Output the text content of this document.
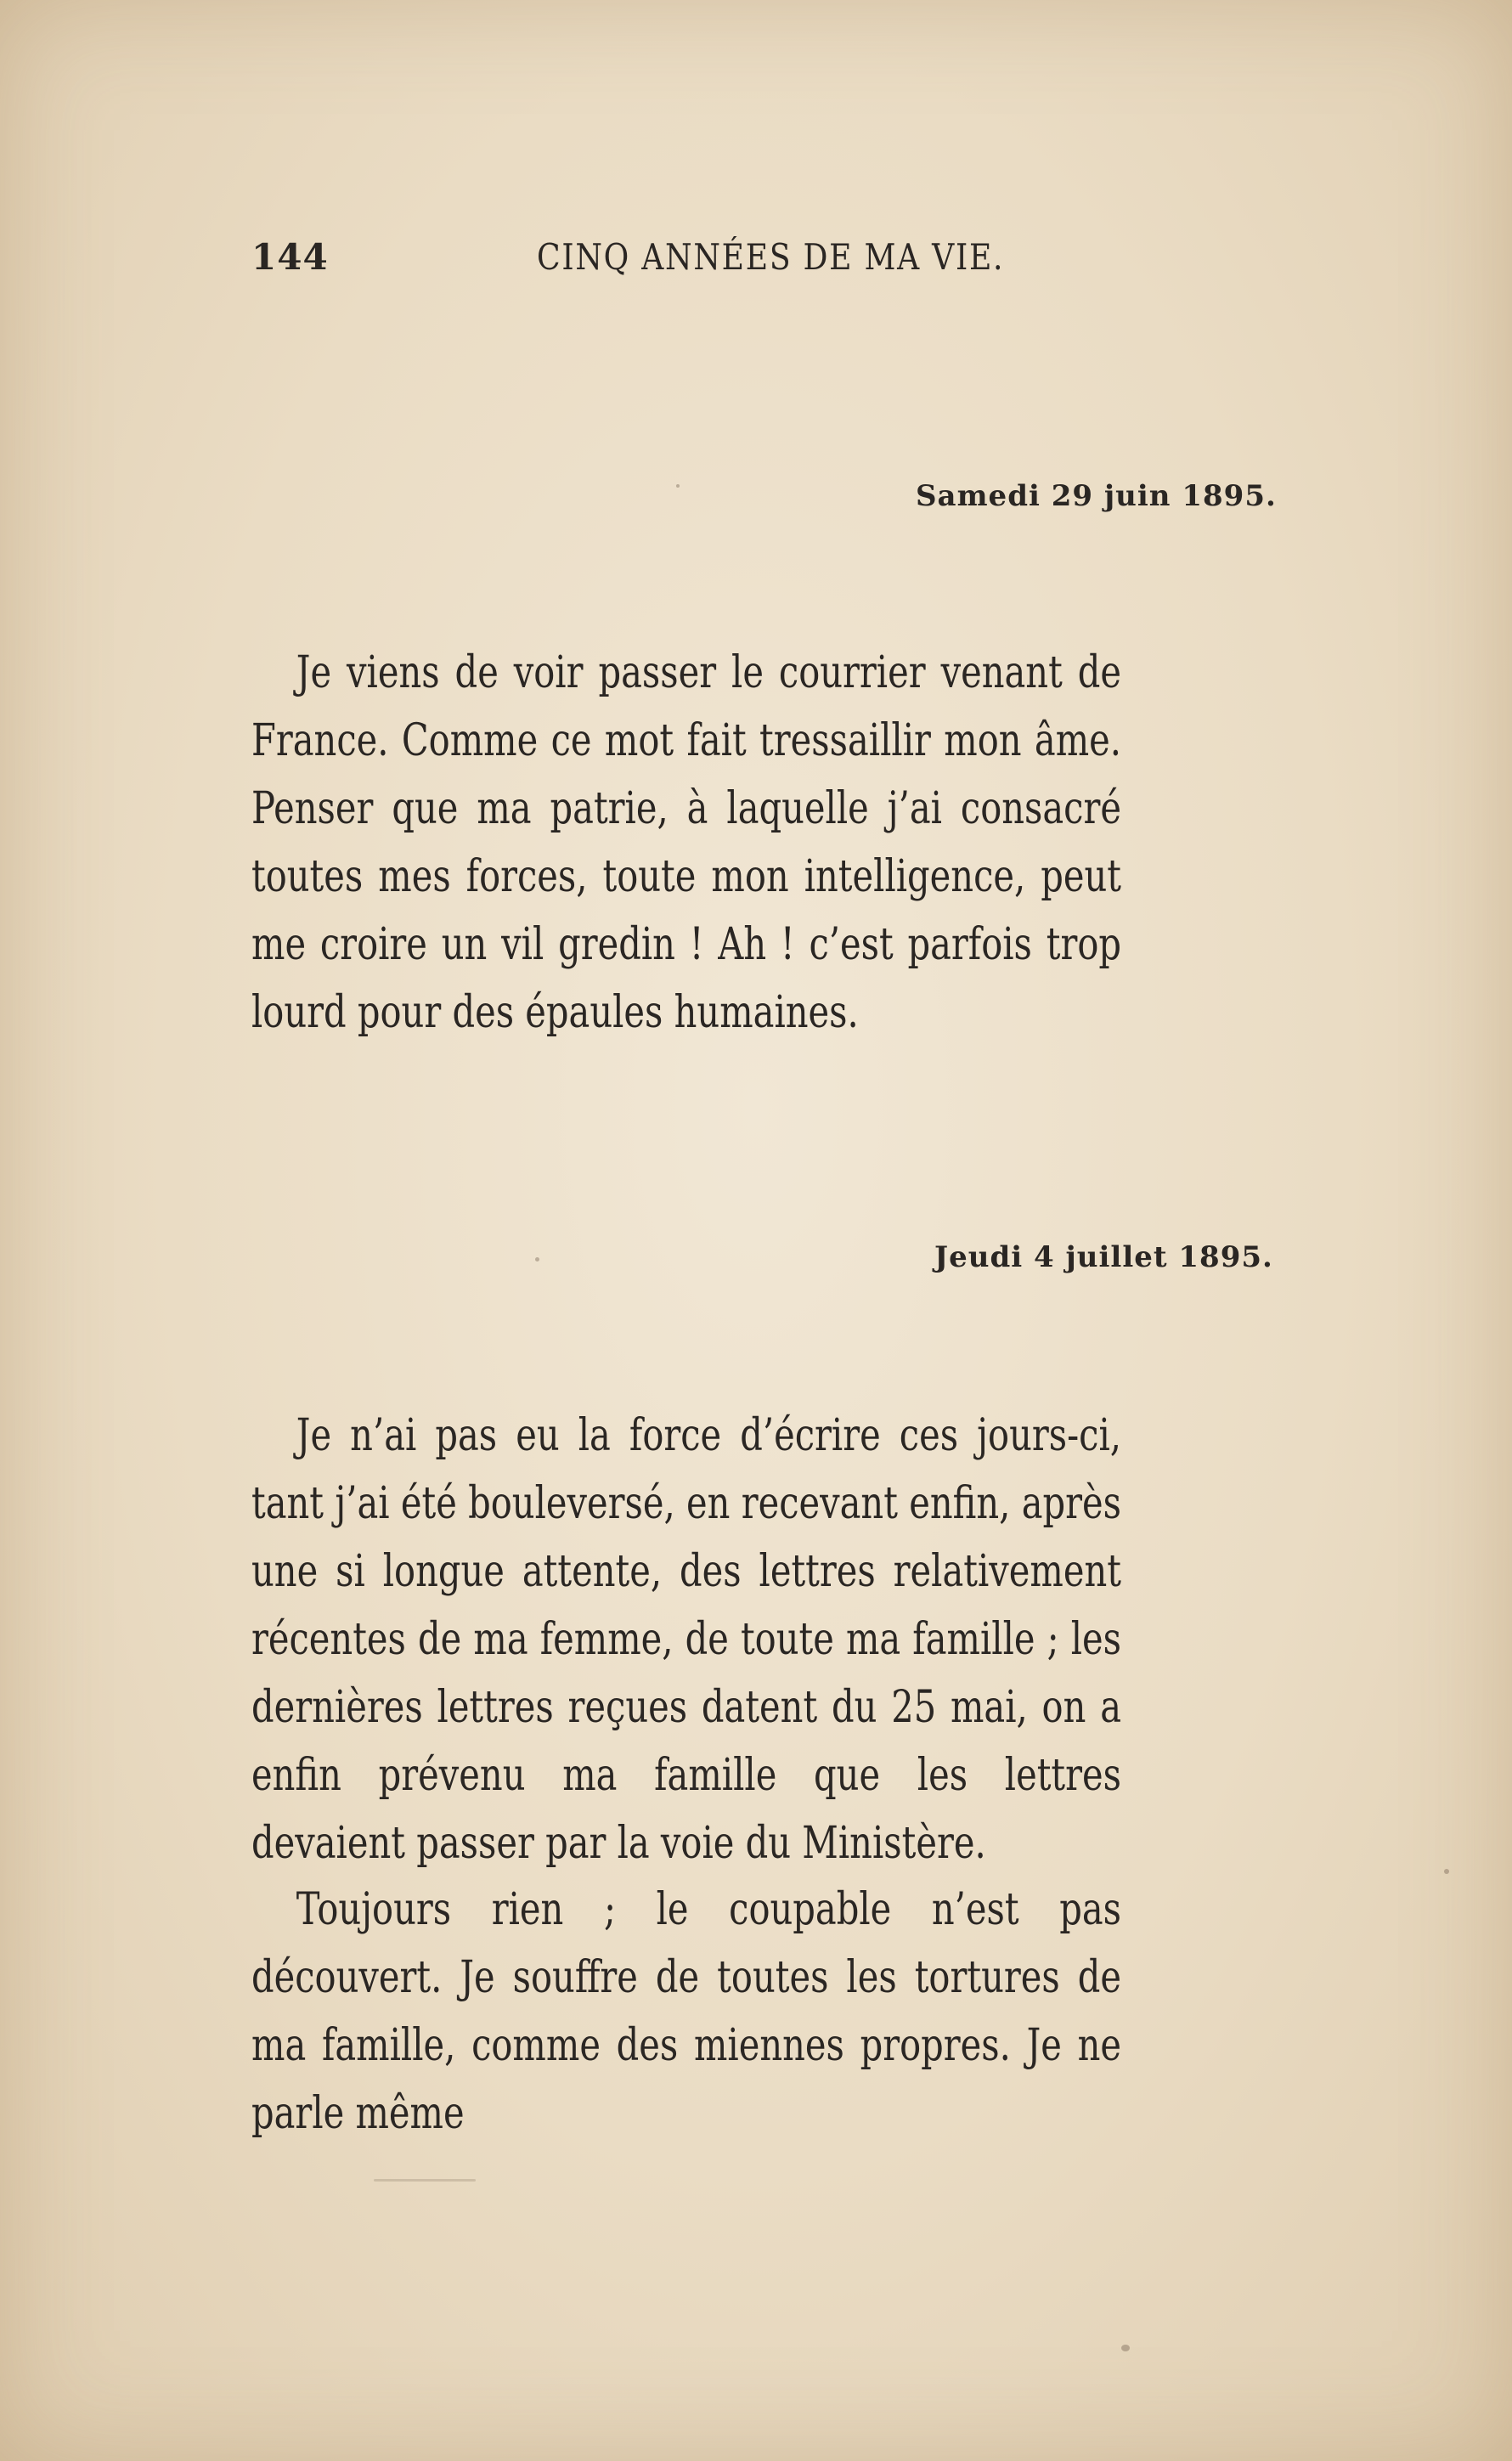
144	CINQ ANNÉES DE MA VIE.
Samedi 29 juin 1895.

Je viens de voir passer le courrier venant de France. Comme ce mot fait tressaillir mon âme. Penser que ma patrie, à laquelle j’ai consacré toutes mes forces, toute mon intelligence, peut me croire un vil gredin ! Ah ! c’est parfois trop lourd pour des épaules humaines.

Jeudi 4 juillet 1895.

Je n’ai pas eu la force d’écrire ces jours-ci, tant j’ai été bouleversé, en recevant enfin, après une si longue attente, des lettres relativement récentes de ma femme, de toute ma famille ; les dernières lettres reçues datent du 25 mai, on a enfin prévenu ma famille que les lettres devaient passer par la voie du Ministère.

Toujours rien ; le coupable n’est pas découvert. Je souffre de toutes les tortures de ma famille, comme des miennes propres. Je ne parle même
